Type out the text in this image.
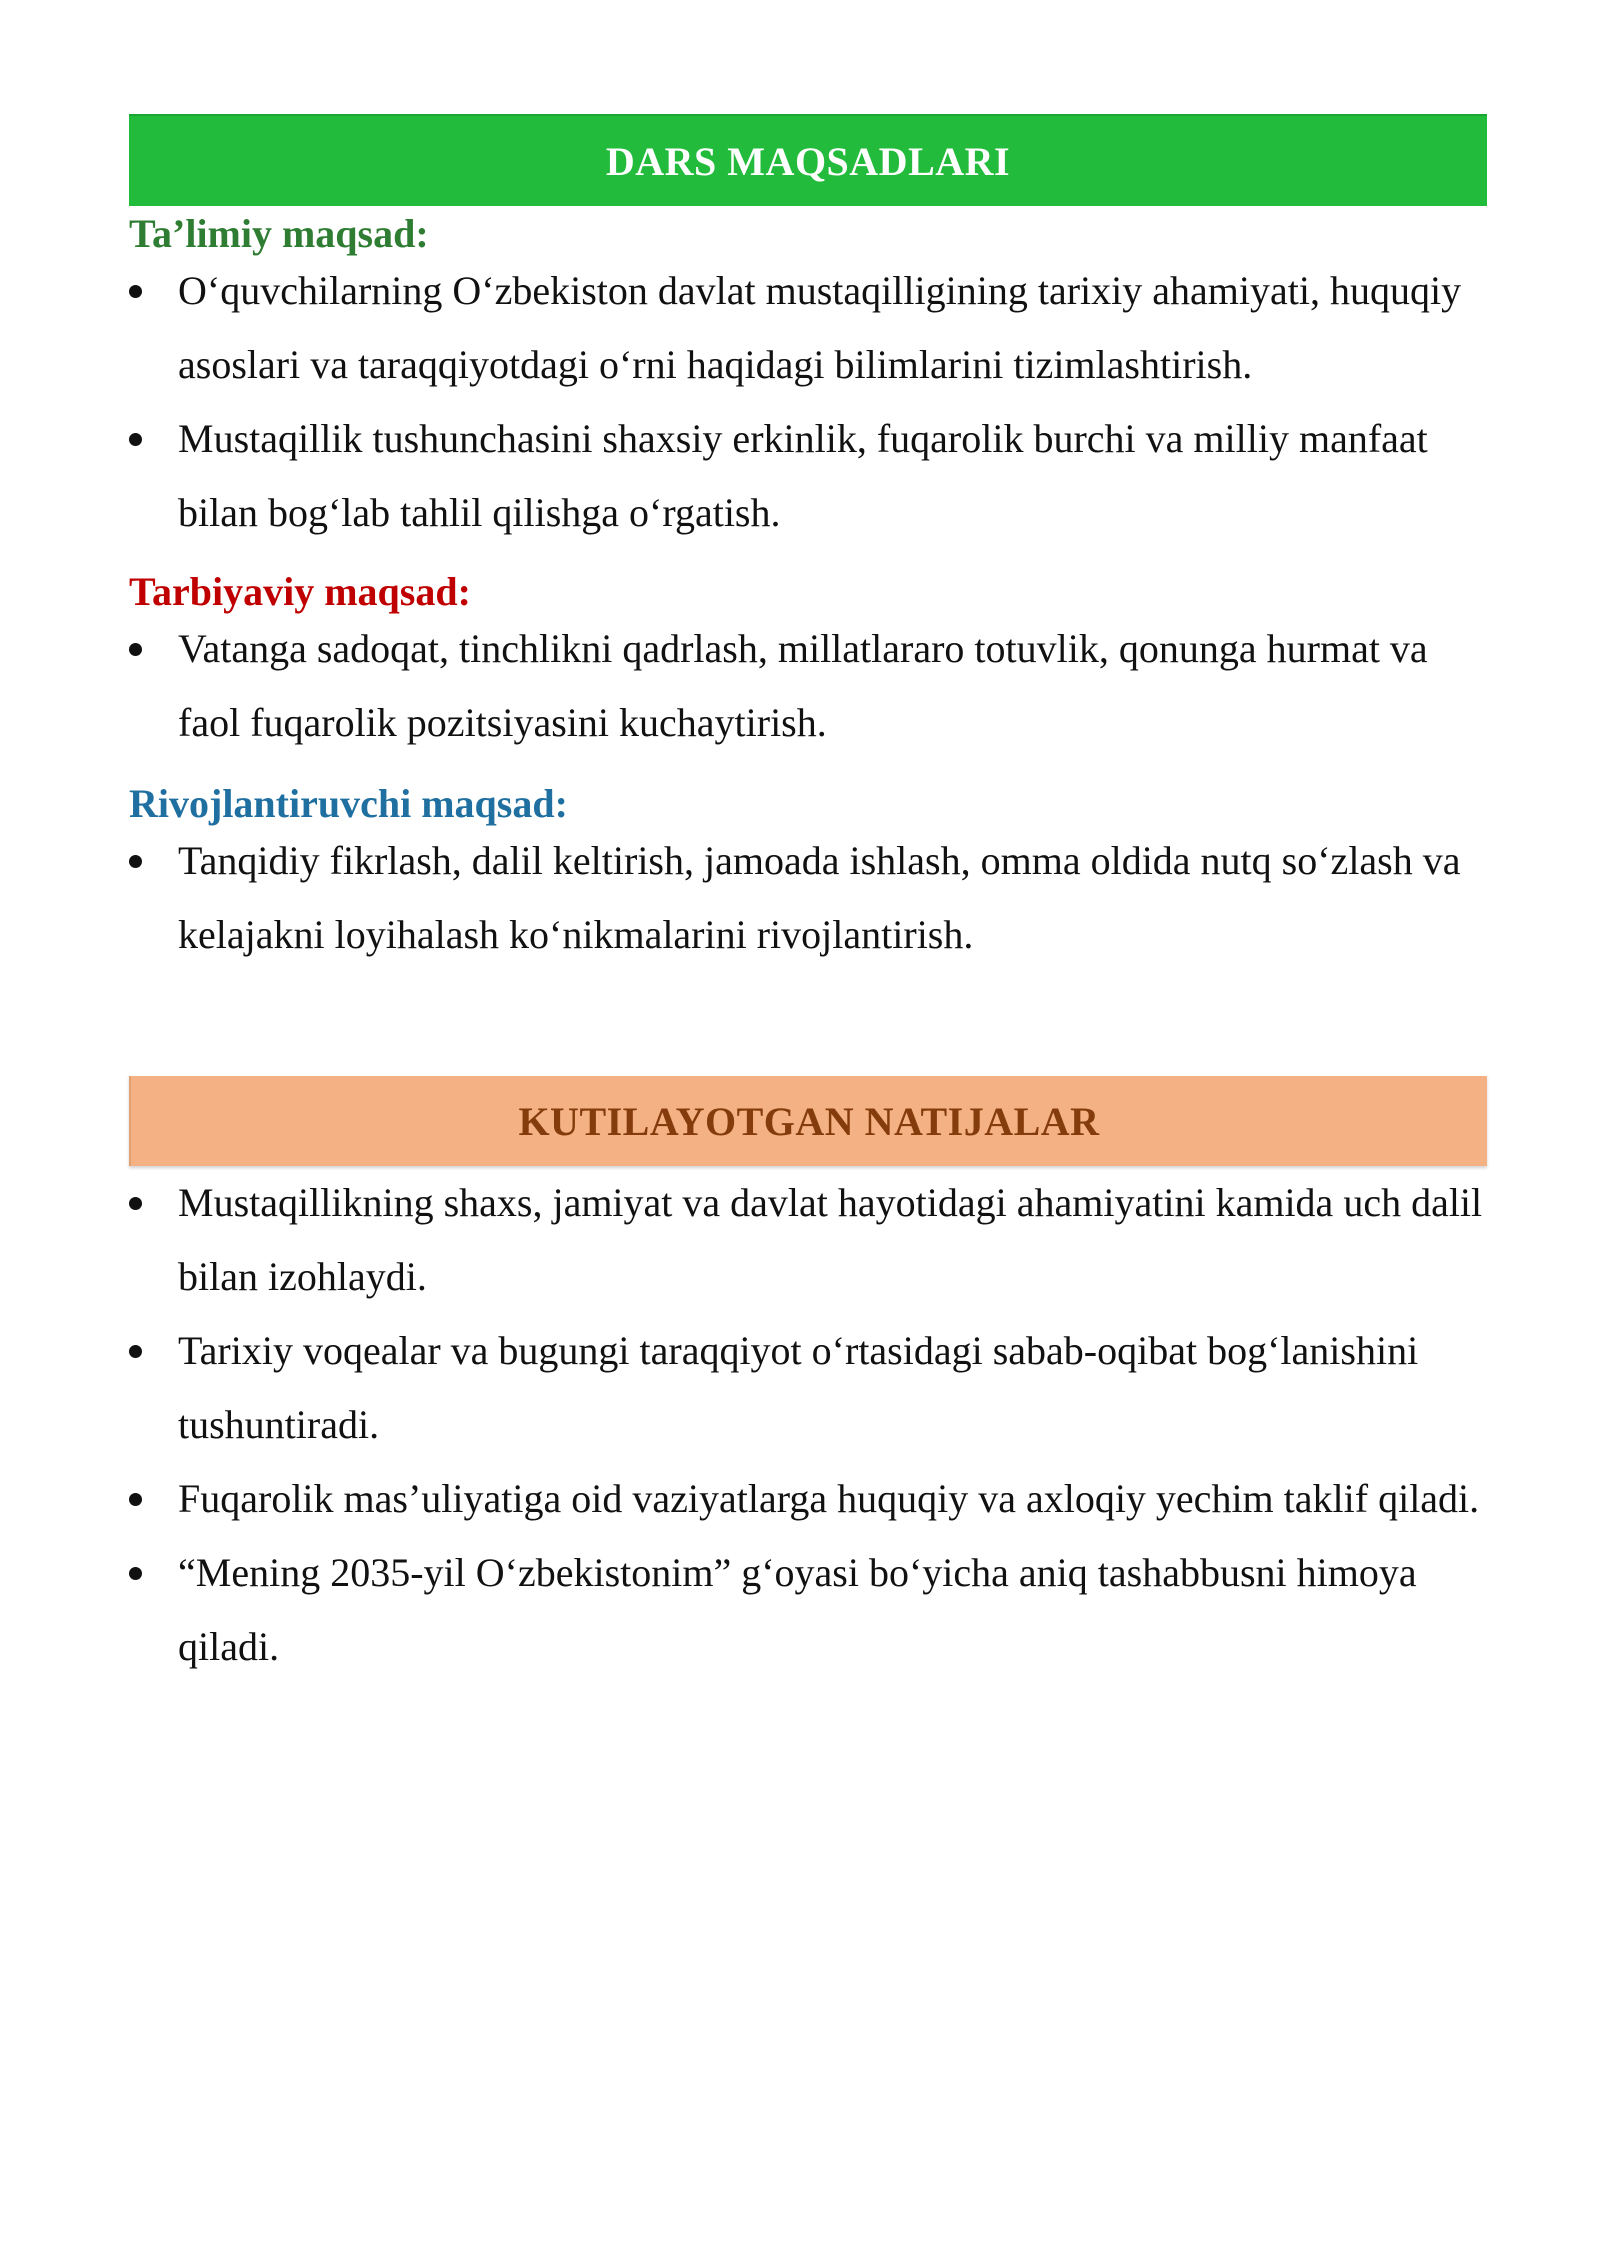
DARS MAQSADLARI
Ta’limiy maqsad:
O‘quvchilarning O‘zbekiston davlat mustaqilligining tarixiy ahamiyati, huquqiy asoslari va taraqqiyotdagi o‘rni haqidagi bilimlarini tizimlashtirish.
Mustaqillik tushunchasini shaxsiy erkinlik, fuqarolik burchi va milliy manfaat bilan bog‘lab tahlil qilishga o‘rgatish.
Tarbiyaviy maqsad:
Vatanga sadoqat, tinchlikni qadrlash, millatlararo totuvlik, qonunga hurmat va faol fuqarolik pozitsiyasini kuchaytirish.
Rivojlantiruvchi maqsad:
Tanqidiy fikrlash, dalil keltirish, jamoada ishlash, omma oldida nutq so‘zlash va kelajakni loyihalash ko‘nikmalarini rivojlantirish.
KUTILAYOTGAN NATIJALAR
Mustaqillikning shaxs, jamiyat va davlat hayotidagi ahamiyatini kamida uch dalil bilan izohlaydi.
Tarixiy voqealar va bugungi taraqqiyot o‘rtasidagi sabab-oqibat bog‘lanishini tushuntiradi.
Fuqarolik mas’uliyatiga oid vaziyatlarga huquqiy va axloqiy yechim taklif qiladi.
“Mening 2035-yil O‘zbekistonim” g‘oyasi bo‘yicha aniq tashabbusni himoya qiladi.
